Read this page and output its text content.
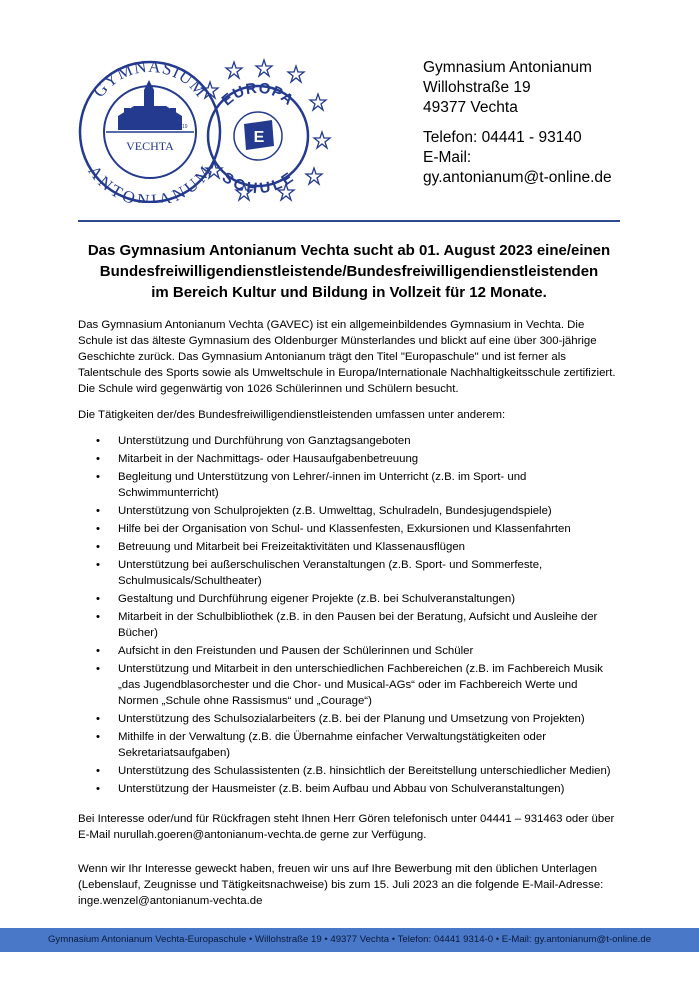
GYMNASIUM
ANTONIANUM
GEGR.	1719
VECHTA
EUROPA
SCHULE
E
Gymnasium Antonianum
Willohstraße 19
49377 Vechta
Telefon: 04441 - 93140
E-Mail:
gy.antonianum@t-online.de
Das Gymnasium Antonianum Vechta sucht ab 01. August 2023 eine/einen
Bundesfreiwilligendienstleistende/Bundesfreiwilligendienstleistenden
im Bereich Kultur und Bildung in Vollzeit für 12 Monate.

Das Gymnasium Antonianum Vechta (GAVEC) ist ein allgemeinbildendes Gymnasium in Vechta. Die Schule ist das älteste Gymnasium des Oldenburger Münsterlandes und blickt auf eine über 300-jährige Geschichte zurück. Das Gymnasium Antonianum trägt den Titel "Europaschule" und ist ferner als Talentschule des Sports sowie als Umweltschule in Europa/Internationale Nachhaltigkeitsschule zertifiziert. Die Schule wird gegenwärtig von 1026 Schülerinnen und Schülern besucht.

Die Tätigkeiten der/des Bundesfreiwilligendienstleistenden umfassen unter anderem:

• Unterstützung und Durchführung von Ganztagsangeboten
• Mitarbeit in der Nachmittags- oder Hausaufgabenbetreuung
• Begleitung und Unterstützung von Lehrer/-innen im Unterricht (z.B. im Sport- und Schwimmunterricht)
• Unterstützung von Schulprojekten (z.B. Umwelttag, Schulradeln, Bundesjugendspiele)
• Hilfe bei der Organisation von Schul- und Klassenfesten, Exkursionen und Klassenfahrten
• Betreuung und Mitarbeit bei Freizeitaktivitäten und Klassenausflügen
• Unterstützung bei außerschulischen Veranstaltungen (z.B. Sport- und Sommerfeste, Schulmusicals/Schultheater)
• Gestaltung und Durchführung eigener Projekte (z.B. bei Schulveranstaltungen)
• Mitarbeit in der Schulbibliothek (z.B. in den Pausen bei der Beratung, Aufsicht und Ausleihe der Bücher)
• Aufsicht in den Freistunden und Pausen der Schülerinnen und Schüler
• Unterstützung und Mitarbeit in den unterschiedlichen Fachbereichen (z.B. im Fachbereich Musik „das Jugendblasorchester und die Chor- und Musical-AGs“ oder im Fachbereich Werte und Normen „Schule ohne Rassismus“ und „Courage“)
• Unterstützung des Schulsozialarbeiters (z.B. bei der Planung und Umsetzung von Projekten)
• Mithilfe in der Verwaltung (z.B. die Übernahme einfacher Verwaltungstätigkeiten oder Sekretariatsaufgaben)
• Unterstützung des Schulassistenten (z.B. hinsichtlich der Bereitstellung unterschiedlicher Medien)
• Unterstützung der Hausmeister (z.B. beim Aufbau und Abbau von Schulveranstaltungen)

Bei Interesse oder/und für Rückfragen steht Ihnen Herr Gören telefonisch unter 04441 – 931463 oder über E-Mail nurullah.goeren@antonianum-vechta.de gerne zur Verfügung.

Wenn wir Ihr Interesse geweckt haben, freuen wir uns auf Ihre Bewerbung mit den üblichen Unterlagen (Lebenslauf, Zeugnisse und Tätigkeitsnachweise) bis zum 15. Juli 2023 an die folgende E-Mail-Adresse: inge.wenzel@antonianum-vechta.de

Gymnasium Antonianum Vechta-Europaschule • Willohstraße 19 • 49377 Vechta • Telefon: 04441 9314-0 • E-Mail: gy.antonianum@t-online.de
